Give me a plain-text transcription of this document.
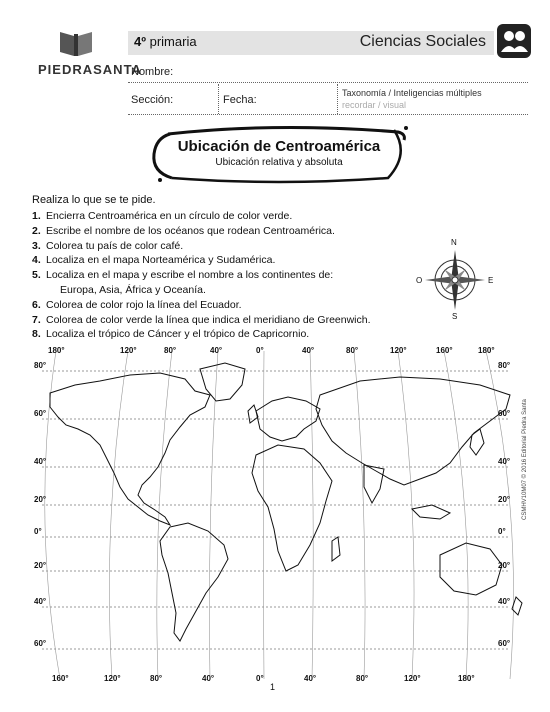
PIEDRASANTA
4º primaria	Ciencias Sociales
Nombre:
Sección:	Fecha:
Taxonomía / Inteligencias múltiples
recordar / visual
Ubicación de Centroamérica
Ubicación relativa y absoluta
Realiza lo que se te pide.
1. Encierra Centroamérica en un círculo de color verde.
2. Escribe el nombre de los océanos que rodean Centroamérica.
3. Colorea tu país de color café.
4. Localiza en el mapa Norteamérica y Sudamérica.
5. Localiza en el mapa y escribe el nombre a los continentes de:
Europa, Asia, África y Oceanía.
6. Colorea de color rojo la línea del Ecuador.
7. Colorea de color verde la línea que indica el meridiano de Greenwich.
8. Localiza el trópico de Cáncer y el trópico de Capricornio.
N
S
E
O
1
CSMHV10M07 © 2016 Editorial Piedra Santa
180°	120°	80°	40°	0°	40°	80°	120°	160°	180°
160°	120°	80°	40°	0°	40°	80°	120°	180°
80°
60°
40°
20°
0°
20°
40°
60°
80°
60°
40°
20°
0°
20°
40°
60°
